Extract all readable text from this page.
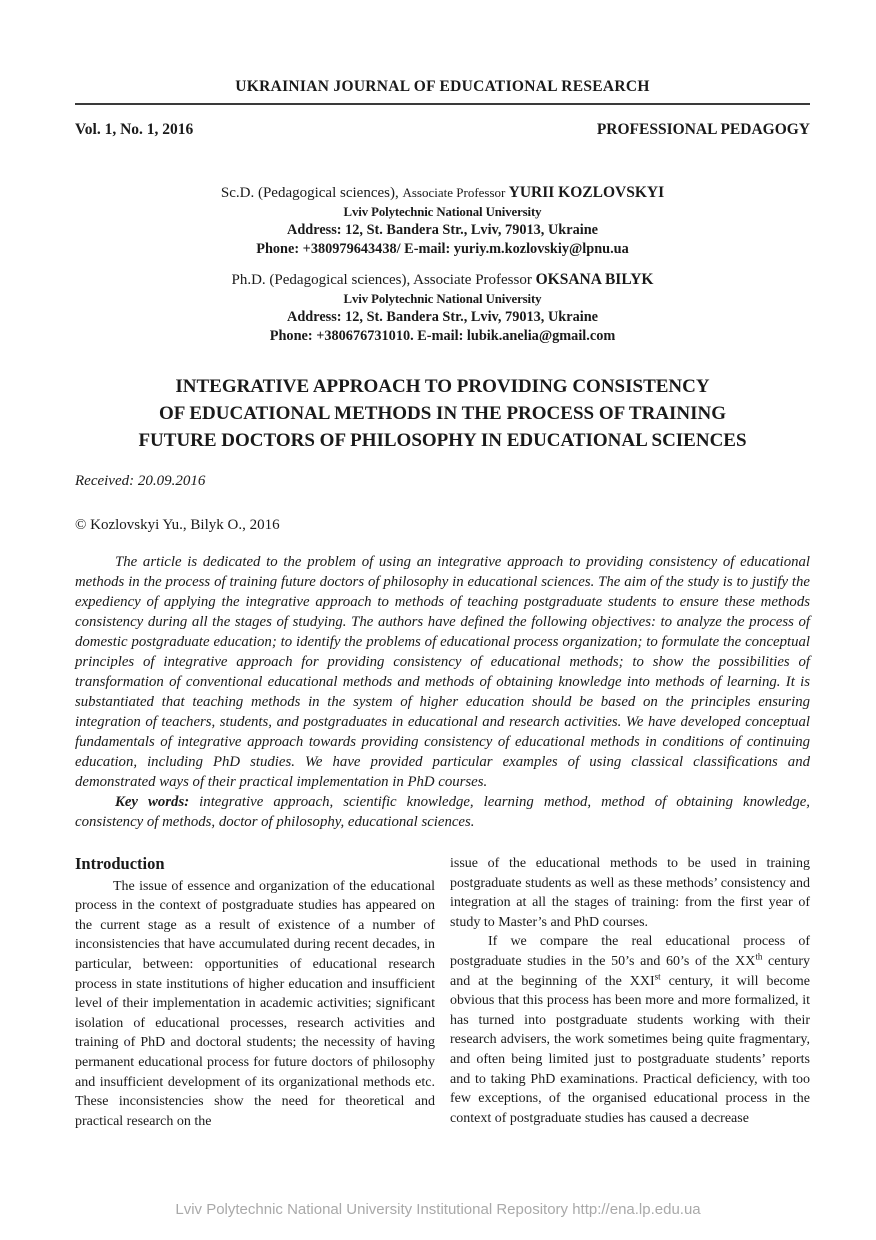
UKRAINIAN JOURNAL OF EDUCATIONAL RESEARCH
Vol. 1, No. 1, 2016	PROFESSIONAL PEDAGOGY
Sc.D. (Pedagogical sciences), Associate Professor YURII KOZLOVSKYI
Lviv Polytechnic National University
Address: 12, St. Bandera Str., Lviv, 79013, Ukraine
Phone: +380979643438/ E-mail: yuriy.m.kozlovskiy@lpnu.ua
Ph.D. (Pedagogical sciences), Associate Professor OKSANA BILYK
Lviv Polytechnic National University
Address: 12, St. Bandera Str., Lviv, 79013, Ukraine
Phone: +380676731010. E-mail: lubik.anelia@gmail.com
INTEGRATIVE APPROACH TO PROVIDING CONSISTENCY
OF EDUCATIONAL METHODS IN THE PROCESS OF TRAINING
FUTURE DOCTORS OF PHILOSOPHY IN EDUCATIONAL SCIENCES
Received: 20.09.2016
© Kozlovskyi Yu., Bilyk O., 2016

The article is dedicated to the problem of using an integrative approach to providing consistency of educational methods in the process of training future doctors of philosophy in educational sciences. The aim of the study is to justify the expediency of applying the integrative approach to methods of teaching postgraduate students to ensure these methods consistency during all the stages of studying. The authors have defined the following objectives: to analyze the process of domestic postgraduate education; to identify the problems of educational process organization; to formulate the conceptual principles of integrative approach for providing consistency of educational methods; to show the possibilities of transformation of conventional educational methods and methods of obtaining knowledge into methods of learning. It is substantiated that teaching methods in the system of higher education should be based on the principles ensuring integration of teachers, students, and postgraduates in educational and research activities. We have developed conceptual fundamentals of integrative approach towards providing consistency of educational methods in conditions of continuing education, including PhD studies. We have provided particular examples of using classical classifications and demonstrated ways of their practical implementation in PhD courses.

Key words: integrative approach, scientific knowledge, learning method, method of obtaining knowledge, consistency of methods, doctor of philosophy, educational sciences.

Introduction

The issue of essence and organization of the educational process in the context of postgraduate studies has appeared on the current stage as a result of existence of a number of inconsistencies that have accumulated during recent decades, in particular, between: opportunities of educational research process in state institutions of higher education and insufficient level of their implementation in academic activities; significant isolation of educational processes, research activities and training of PhD and doctoral students; the necessity of having permanent educational process for future doctors of philosophy and insufficient development of its organizational methods etc. These inconsistencies show the need for theoretical and practical research on the

issue of the educational methods to be used in training postgraduate students as well as these methods’ consistency and integration at all the stages of training: from the first year of study to Master’s and PhD courses.

If we compare the real educational process of postgraduate studies in the 50’s and 60’s of the XXth century and at the beginning of the XXIst century, it will become obvious that this process has been more and more formalized, it has turned into postgraduate students working with their research advisers, the work sometimes being quite fragmentary, and often being limited just to postgraduate students’ reports and to taking PhD examinations. Practical deficiency, with too few exceptions, of the organised educational process in the context of postgraduate studies has caused a decrease

Lviv Polytechnic National University Institutional Repository http://ena.lp.edu.ua
